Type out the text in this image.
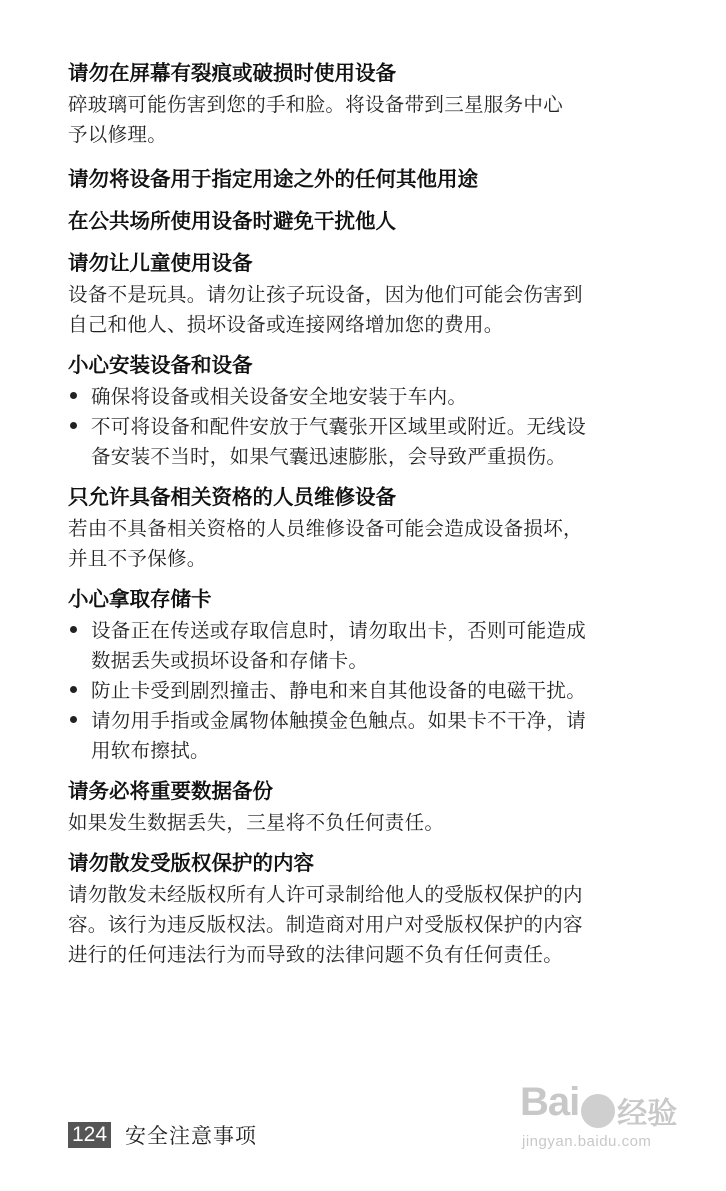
请勿在屏幕有裂痕或破损时使用设备
碎玻璃可能伤害到您的手和脸。将设备带到三星服务中心
予以修理。
请勿将设备用于指定用途之外的任何其他用途
在公共场所使用设备时避免干扰他人
请勿让儿童使用设备
设备不是玩具。请勿让孩子玩设备，因为他们可能会伤害到
自己和他人、损坏设备或连接网络增加您的费用。
小心安装设备和设备
确保将设备或相关设备安全地安装于车内。
不可将设备和配件安放于气囊张开区域里或附近。无线设
备安装不当时，如果气囊迅速膨胀，会导致严重损伤。
只允许具备相关资格的人员维修设备
若由不具备相关资格的人员维修设备可能会造成设备损坏，
并且不予保修。
小心拿取存储卡
设备正在传送或存取信息时，请勿取出卡，否则可能造成
数据丢失或损坏设备和存储卡。
防止卡受到剧烈撞击、静电和来自其他设备的电磁干扰。
请勿用手指或金属物体触摸金色触点。如果卡不干净，请
用软布擦拭。
请务必将重要数据备份
如果发生数据丢失，三星将不负任何责任。
请勿散发受版权保护的内容
请勿散发未经版权所有人许可录制给他人的受版权保护的内
容。该行为违反版权法。制造商对用户对受版权保护的内容
进行的任何违法行为而导致的法律问题不负有任何责任。
Bai 经验
jingyan.baidu.com
124 安全注意事项
